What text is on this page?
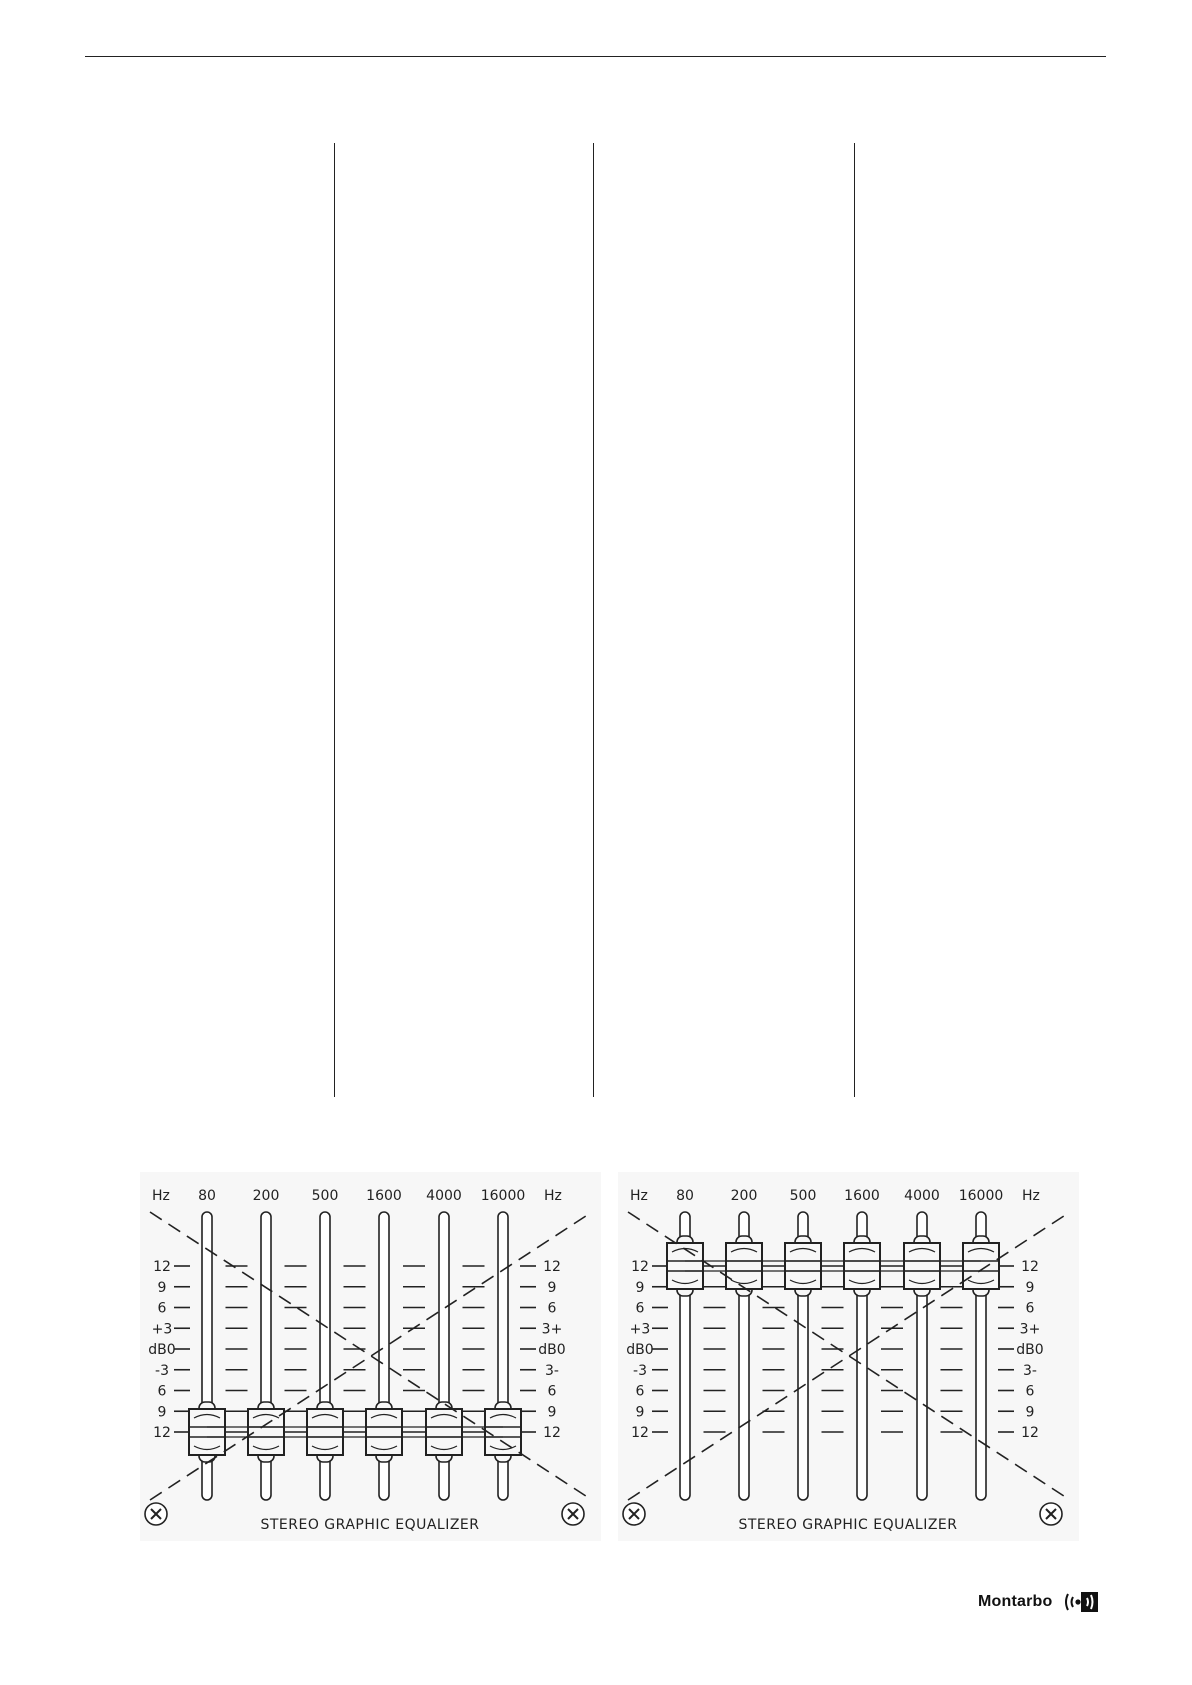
Hz	Hz
80	200 500 1600 4000 16000
12
9
6
+3
dB0
-3
6
9
12
12
9
6
3+
dB0
3-
6
9
12
STEREO GRAPHIC EQUALIZER
Hz	Hz
80	200 500 1600 4000 16000
12
9
6
+3
dB0
-3
6
9
12
12
9
6
3+
dB0
3-
6
9
12
STEREO GRAPHIC EQUALIZER
Montarbo
